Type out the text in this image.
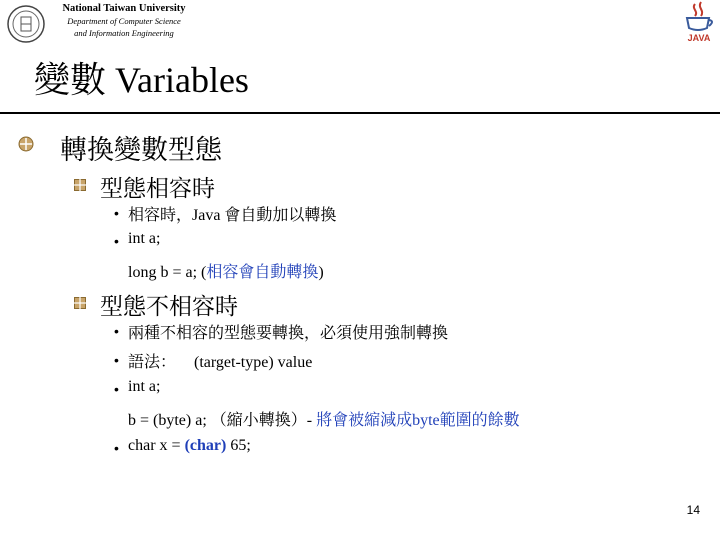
National Taiwan University
Department of Computer Science
and Information Engineering	JAVA
變數 Variables
轉換變數型態
型態相容時
• 相容時，Java 會自動加以轉換
• int a;
long b = a; (相容會自動轉換)
型態不相容時
• 兩種不相容的型態要轉換，必須使用強制轉換
• 語法： (target-type) value
• int a;
b = (byte) a; （縮小轉換）- 將會被縮減成byte範圍的餘數
• char x = (char) 65;
14
